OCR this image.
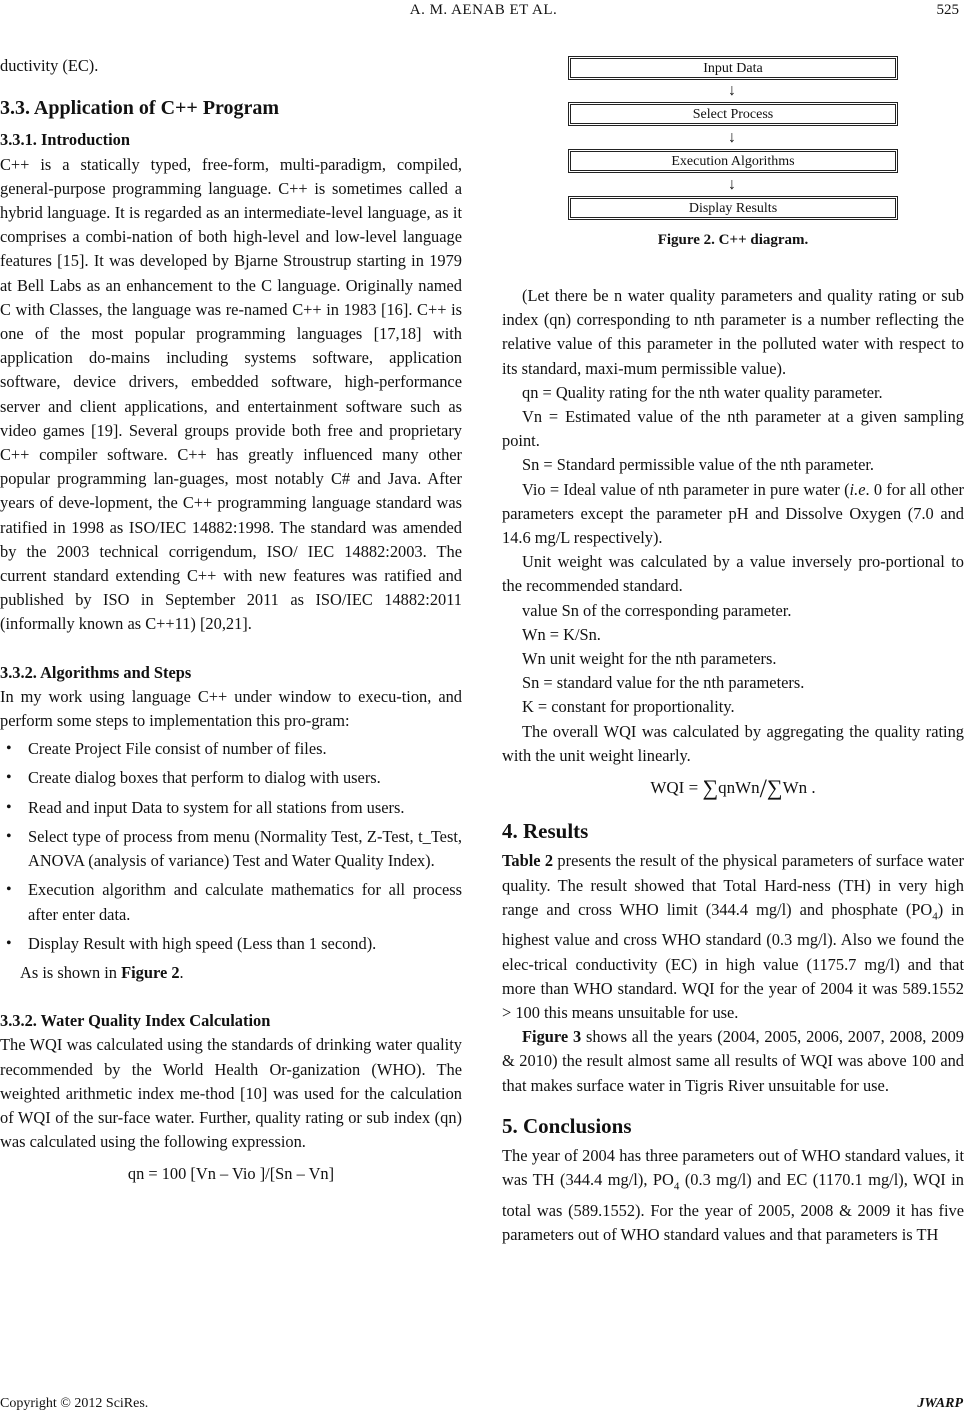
A. M. AENAB ET AL.	525

ductivity (EC).

3.3. Application of C++ Program
3.3.1. Introduction

C++ is a statically typed, free-form, multi-paradigm, compiled, general-purpose programming language. C++ is sometimes called a hybrid language. It is regarded as an intermediate-level language, as it comprises a combi-nation of both high-level and low-level language features [15]. It was developed by Bjarne Stroustrup starting in 1979 at Bell Labs as an enhancement to the C language. Originally named C with Classes, the language was re-named C++ in 1983 [16]. C++ is one of the most popular programming languages [17,18] with application do-mains including systems software, application software, device drivers, embedded software, high-performance server and client applications, and entertainment software such as video games [19]. Several groups provide both free and proprietary C++ compiler software. C++ has greatly influenced many other popular programming lan-guages, most notably C# and Java. After years of deve-lopment, the C++ programming language standard was ratified in 1998 as ISO/IEC 14882:1998. The standard was amended by the 2003 technical corrigendum, ISO/ IEC 14882:2003. The current standard extending C++ with new features was ratified and published by ISO in September 2011 as ISO/IEC 14882:2011 (informally known as C++11) [20,21].

3.3.2. Algorithms and Steps

In my work using language C++ under window to execu-tion, and perform some steps to implementation this pro-gram:

• Create Project File consist of number of files.
• Create dialog boxes that perform to dialog with users.
• Read and input Data to system for all stations from users.
• Select type of process from menu (Normality Test, Z-Test, t_Test, ANOVA (analysis of variance) Test and Water Quality Index).
• Execution algorithm and calculate mathematics for all process after enter data.
• Display Result with high speed (Less than 1 second).

As is shown in Figure 2.

3.3.2. Water Quality Index Calculation

The WQI was calculated using the standards of drinking water quality recommended by the World Health Or-ganization (WHO). The weighted arithmetic index me-thod [10] was used for the calculation of WQI of the sur-face water. Further, quality rating or sub index (qn) was calculated using the following expression.

qn = 100 [Vn – Vio ]/[Sn – Vn]

Input Data
↓
Select Process
↓
Execution Algorithms
↓
Display Results
Figure 2. C++ diagram.

(Let there be n water quality parameters and quality rating or sub index (qn) corresponding to nth parameter is a number reflecting the relative value of this parameter in the polluted water with respect to its standard, maxi-mum permissible value).

qn = Quality rating for the nth water quality parameter.

Vn = Estimated value of the nth parameter at a given sampling point.

Sn = Standard permissible value of the nth parameter.

Vio = Ideal value of nth parameter in pure water (i.e. 0 for all other parameters except the parameter pH and Dissolve Oxygen (7.0 and 14.6 mg/L respectively).

Unit weight was calculated by a value inversely pro-portional to the recommended standard.

value Sn of the corresponding parameter.

Wn = K/Sn.

Wn unit weight for the nth parameters.

Sn = standard value for the nth parameters.

K = constant for proportionality.

The overall WQI was calculated by aggregating the quality rating with the unit weight linearly.

WQI = ∑qnWn/∑Wn .

4. Results

Table 2 presents the result of the physical parameters of surface water quality. The result showed that Total Hard-ness (TH) in very high range and cross WHO limit (344.4 mg/l) and phosphate $(PO_4)$ in highest value and cross WHO standard (0.3 mg/l). Also we found the elec-trical conductivity (EC) in high value (1175.7 mg/l) and that more than WHO standard. WQI for the year of 2004 it was 589.1552 > 100 this means unsuitable for use.

Figure 3 shows all the years (2004, 2005, 2006, 2007, 2008, 2009 & 2010) the result almost same all results of WQI was above 100 and that makes surface water in Tigris River unsuitable for use.

5. Conclusions

The year of 2004 has three parameters out of WHO standard values, it was TH (344.4 mg/l), $PO_4$ (0.3 mg/l) and EC (1170.1 mg/l), WQI in total was (589.1552). For the year of 2005, 2008 & 2009 it has five parameters out of WHO standard values and that parameters is TH

Copyright © 2012 SciRes.	JWARP
